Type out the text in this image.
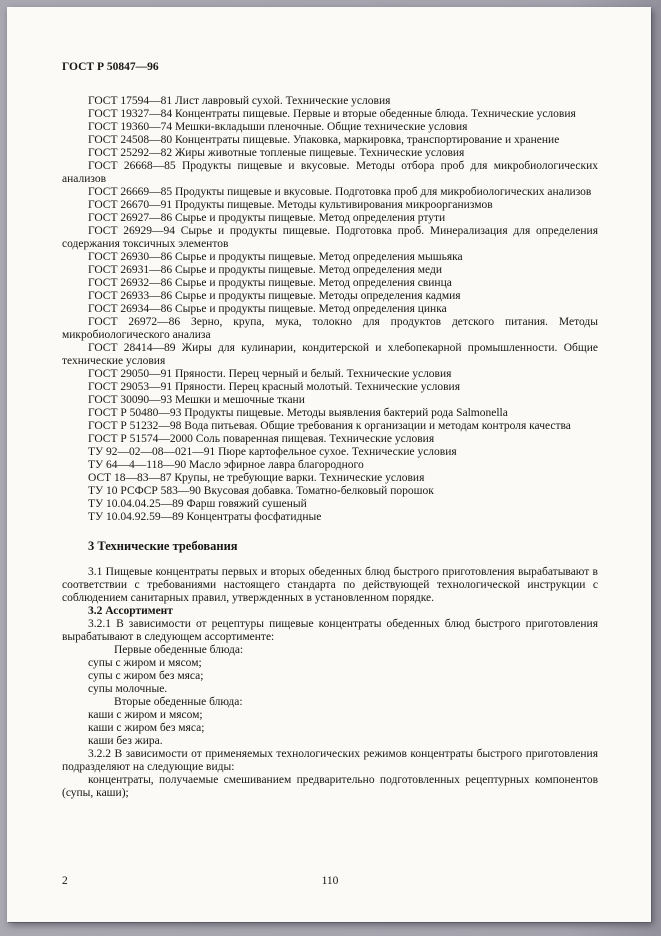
ГОСТ Р 50847—96

ГОСТ 17594—81 Лист лавровый сухой. Технические условия

ГОСТ 19327—84 Концентраты пищевые. Первые и вторые обеденные блюда. Технические условия

ГОСТ 19360—74 Мешки-вкладыши пленочные. Общие технические условия

ГОСТ 24508—80 Концентраты пищевые. Упаковка, маркировка, транспортирование и хранение

ГОСТ 25292—82 Жиры животные топленые пищевые. Технические условия

ГОСТ 26668—85 Продукты пищевые и вкусовые. Методы отбора проб для микробиологических анализов

ГОСТ 26669—85 Продукты пищевые и вкусовые. Подготовка проб для микробиологических анализов

ГОСТ 26670—91 Продукты пищевые. Методы культивирования микроорганизмов

ГОСТ 26927—86 Сырье и продукты пищевые. Метод определения ртути

ГОСТ 26929—94 Сырье и продукты пищевые. Подготовка проб. Минерализация для определения содержания токсичных элементов

ГОСТ 26930—86 Сырье и продукты пищевые. Метод определения мышьяка

ГОСТ 26931—86 Сырье и продукты пищевые. Метод определения меди

ГОСТ 26932—86 Сырье и продукты пищевые. Метод определения свинца

ГОСТ 26933—86 Сырье и продукты пищевые. Методы определения кадмия

ГОСТ 26934—86 Сырье и продукты пищевые. Метод определения цинка

ГОСТ 26972—86 Зерно, крупа, мука, толокно для продуктов детского питания. Методы микробиологического анализа

ГОСТ 28414—89 Жиры для кулинарии, кондитерской и хлебопекарной промышленности. Общие технические условия

ГОСТ 29050—91 Пряности. Перец черный и белый. Технические условия

ГОСТ 29053—91 Пряности. Перец красный молотый. Технические условия

ГОСТ 30090—93 Мешки и мешочные ткани

ГОСТ Р 50480—93 Продукты пищевые. Методы выявления бактерий рода Salmonella

ГОСТ Р 51232—98 Вода питьевая. Общие требования к организации и методам контроля качества

ГОСТ Р 51574—2000 Соль поваренная пищевая. Технические условия

ТУ 92—02—08—021—91 Пюре картофельное сухое. Технические условия

ТУ 64—4—118—90 Масло эфирное лавра благородного

ОСТ 18—83—87 Крупы, не требующие варки. Технические условия

ТУ 10 РСФСР 583—90 Вкусовая добавка. Томатно-белковый порошок

ТУ 10.04.04.25—89 Фарш говяжий сушеный

ТУ 10.04.92.59—89 Концентраты фосфатидные

3 Технические требования

3.1 Пищевые концентраты первых и вторых обеденных блюд быстрого приготовления вырабатывают в соответствии с требованиями настоящего стандарта по действующей технологической инструкции с соблюдением санитарных правил, утвержденных в установленном порядке.

3.2 Ассортимент

3.2.1 В зависимости от рецептуры пищевые концентраты обеденных блюд быстрого приготовления вырабатывают в следующем ассортименте:

Первые обеденные блюда:

супы с жиром и мясом;

супы с жиром без мяса;

супы молочные.

Вторые обеденные блюда:

каши с жиром и мясом;

каши с жиром без мяса;

каши без жира.

3.2.2 В зависимости от применяемых технологических режимов концентраты быстрого приготовления подразделяют на следующие виды:

концентраты, получаемые смешиванием предварительно подготовленных рецептурных компонентов (супы, каши);

2	110
